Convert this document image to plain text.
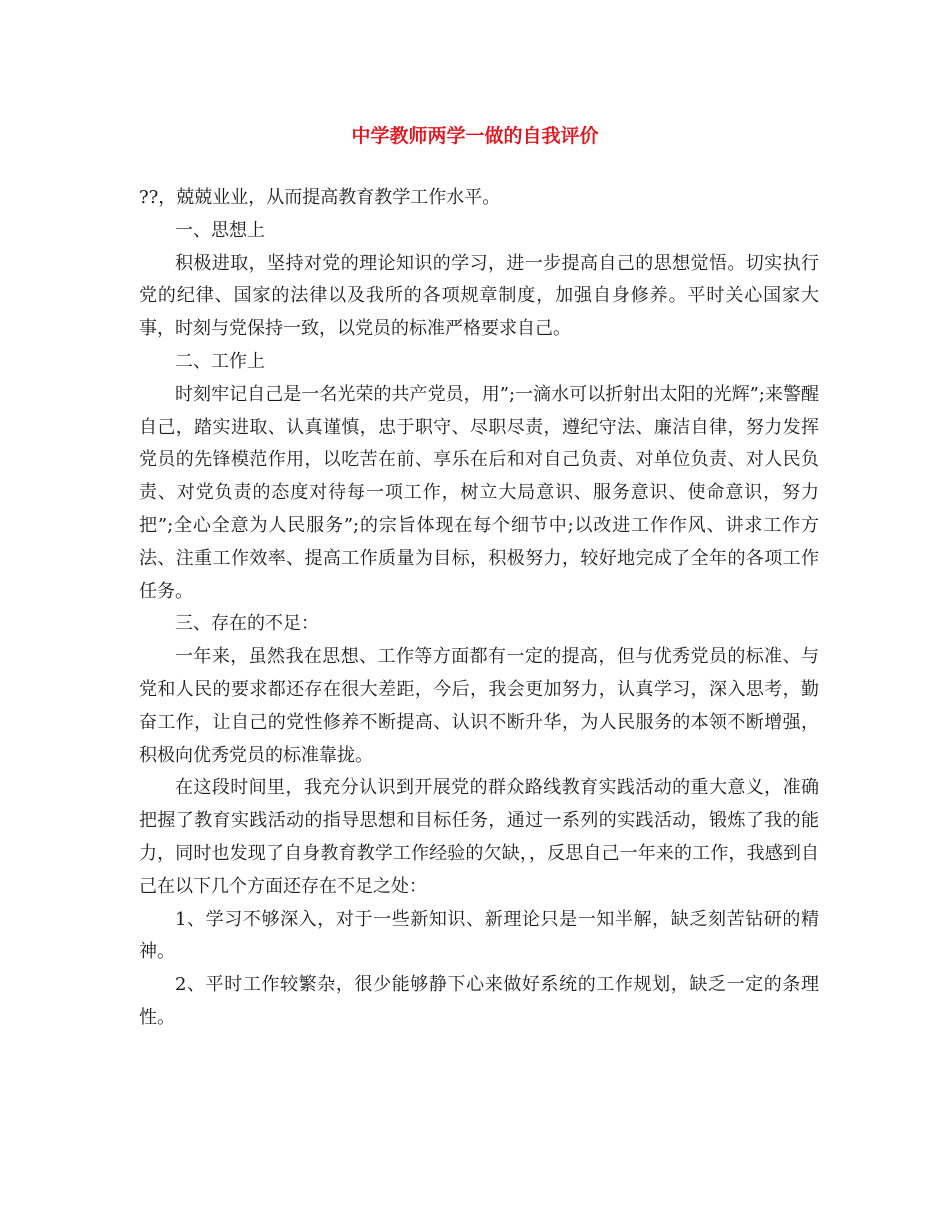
中学教师两学一做的自我评价

??，兢兢业业，从而提高教育教学工作水平。

一、思想上

积极进取，坚持对党的理论知识的学习，进一步提高自己的思想觉悟。切实执行党的纪律、国家的法律以及我所的各项规章制度，加强自身修养。平时关心国家大事，时刻与党保持一致，以党员的标准严格要求自己。

二、工作上

时刻牢记自己是一名光荣的共产党员，用”;一滴水可以折射出太阳的光辉”;来警醒自己，踏实进取、认真谨慎，忠于职守、尽职尽责，遵纪守法、廉洁自律，努力发挥党员的先锋模范作用，以吃苦在前、享乐在后和对自己负责、对单位负责、对人民负责、对党负责的态度对待每一项工作，树立大局意识、服务意识、使命意识，努力把”;全心全意为人民服务”;的宗旨体现在每个细节中;以改进工作作风、讲求工作方法、注重工作效率、提高工作质量为目标，积极努力，较好地完成了全年的各项工作任务。

三、存在的不足：

一年来，虽然我在思想、工作等方面都有一定的提高，但与优秀党员的标准、与党和人民的要求都还存在很大差距，今后，我会更加努力，认真学习，深入思考，勤奋工作，让自己的党性修养不断提高、认识不断升华，为人民服务的本领不断增强，积极向优秀党员的标准靠拢。

在这段时间里，我充分认识到开展党的群众路线教育实践活动的重大意义，准确把握了教育实践活动的指导思想和目标任务，通过一系列的实践活动，锻炼了我的能力，同时也发现了自身教育教学工作经验的欠缺，，反思自己一年来的工作，我感到自己在以下几个方面还存在不足之处：

1、学习不够深入，对于一些新知识、新理论只是一知半解，缺乏刻苦钻研的精神。

2、平时工作较繁杂，很少能够静下心来做好系统的工作规划，缺乏一定的条理性。
